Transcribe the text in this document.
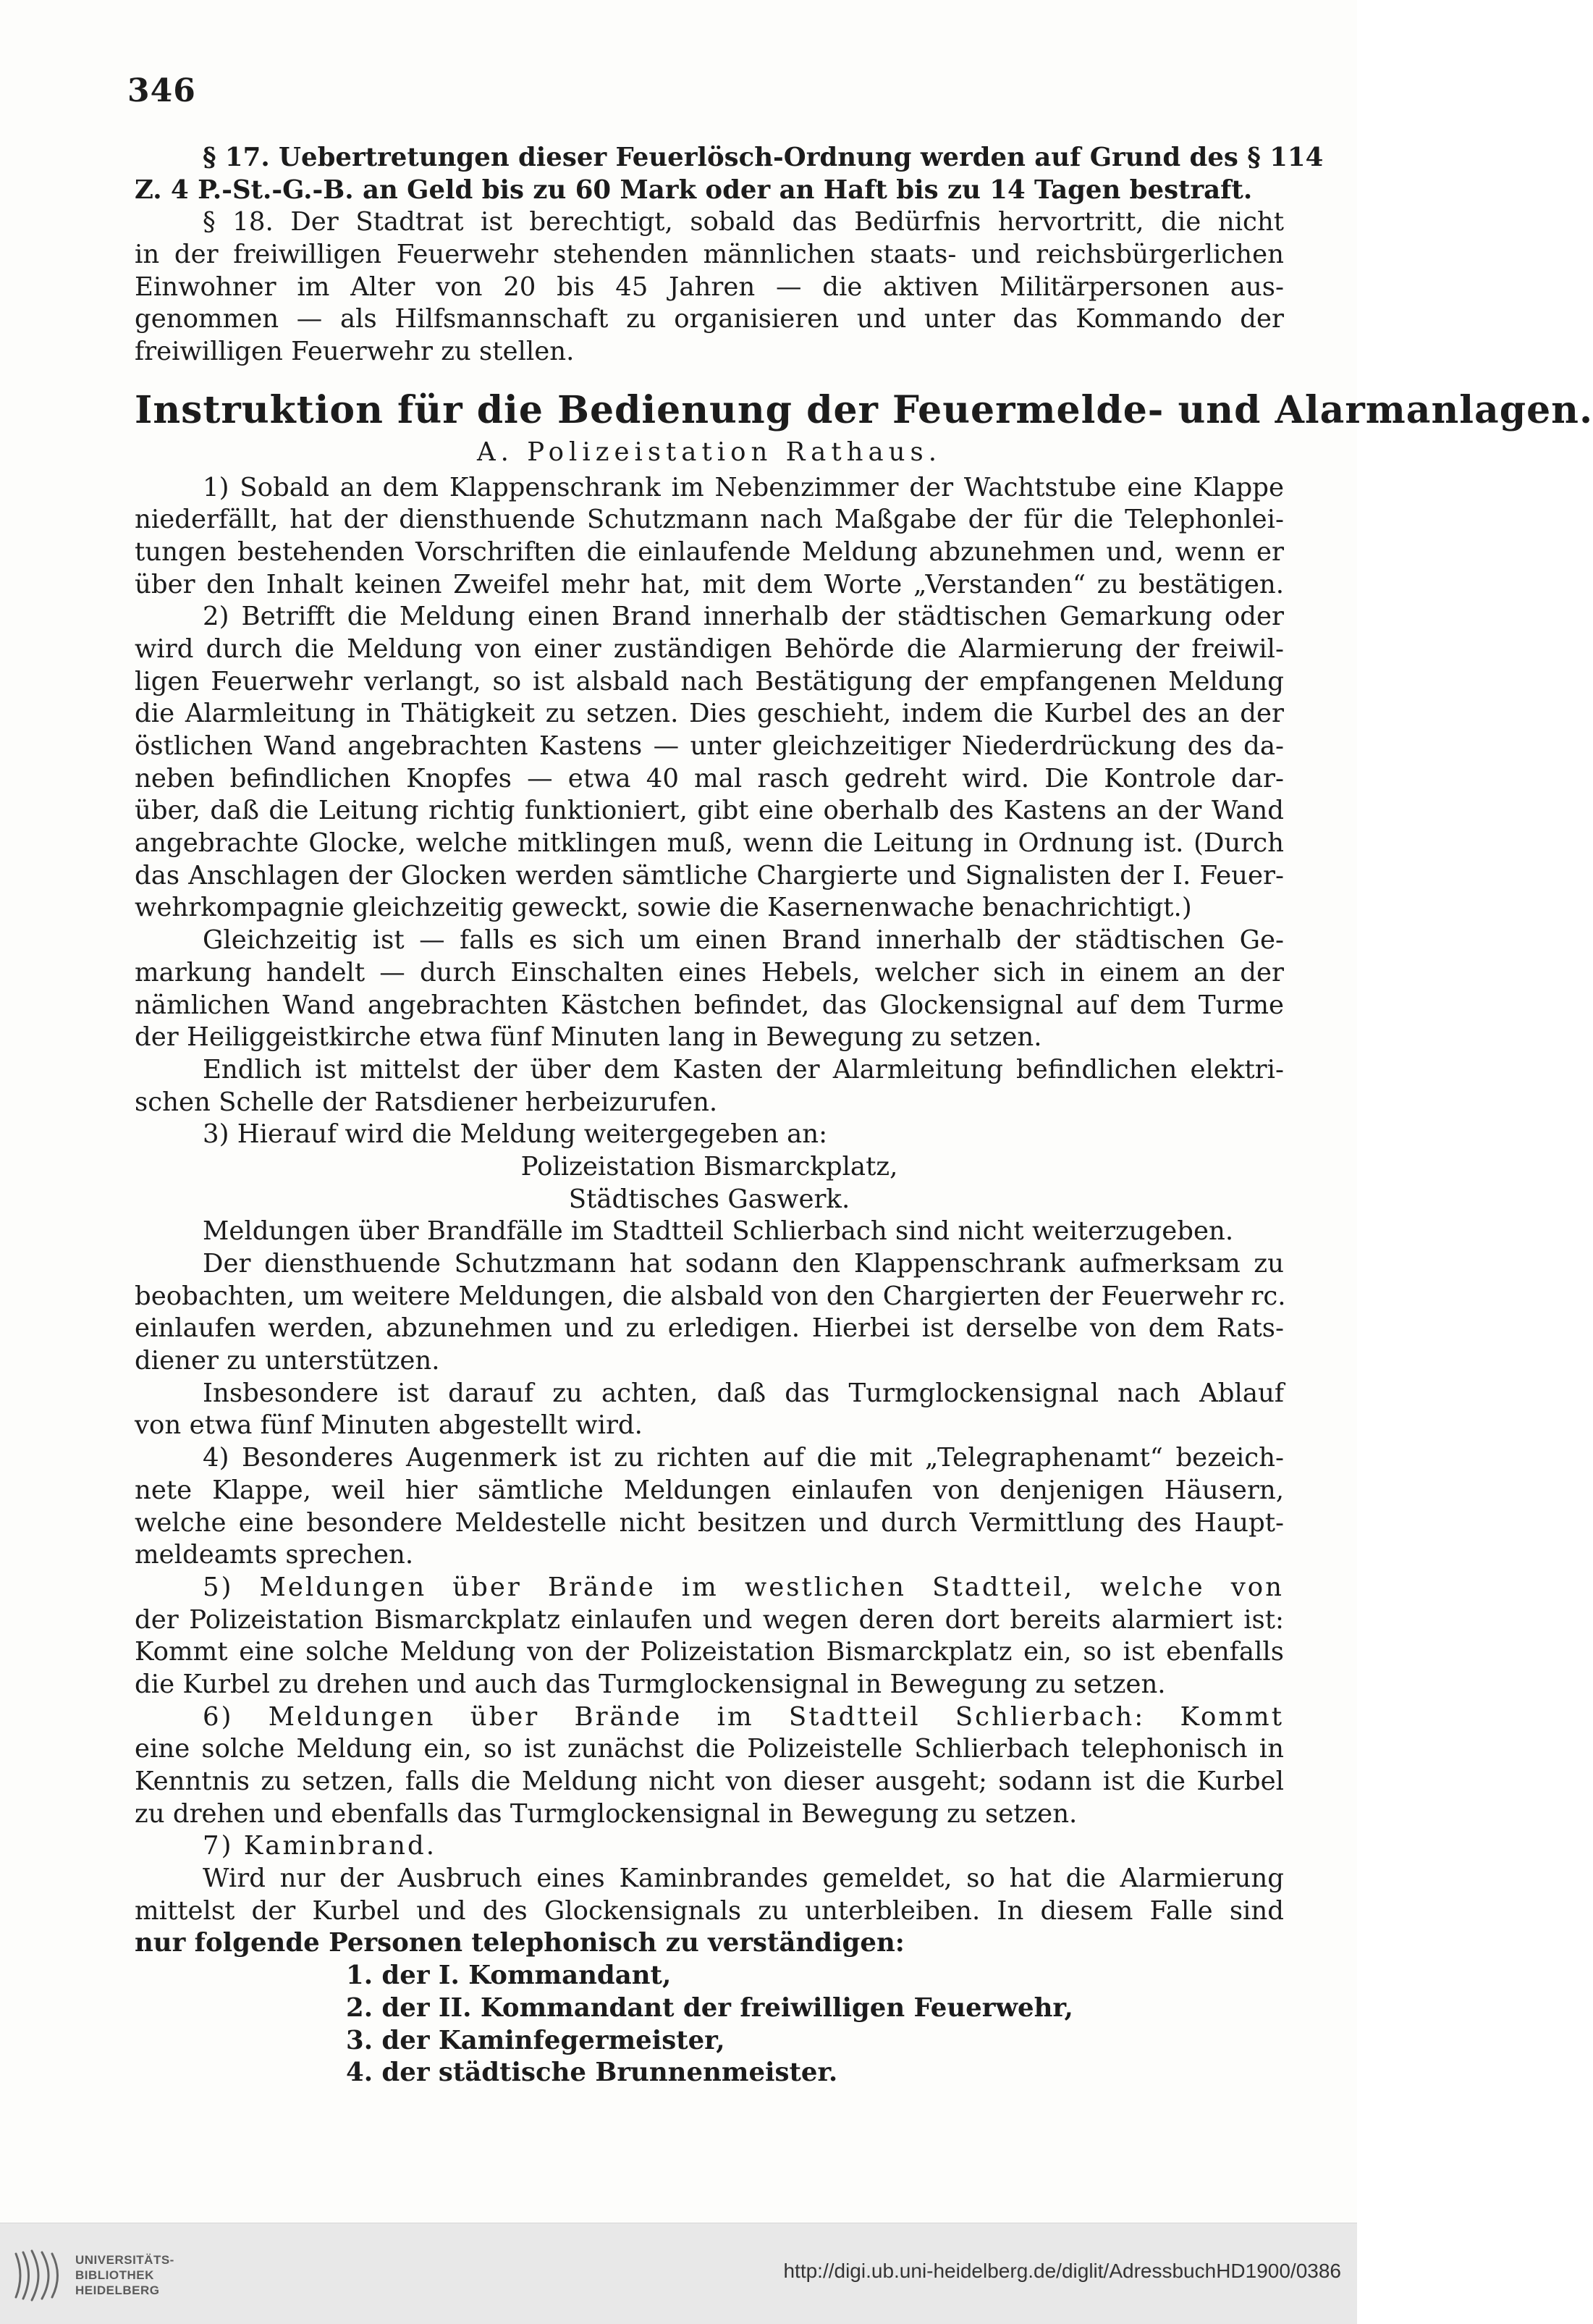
346
§ 17. Uebertretungen dieser Feuerlösch-Ordnung werden auf Grund des § 114
Z. 4 P.-St.-G.-B. an Geld bis zu 60 Mark oder an Haft bis zu 14 Tagen bestraft.
§ 18. Der Stadtrat ist berechtigt, sobald das Bedürfnis hervortritt, die nicht
in der freiwilligen Feuerwehr stehenden männlichen staats- und reichsbürgerlichen
Einwohner im Alter von 20 bis 45 Jahren — die aktiven Militärpersonen aus-
genommen — als Hilfsmannschaft zu organisieren und unter das Kommando der
freiwilligen Feuerwehr zu stellen.
Instruktion für die Bedienung der Feuermelde- und Alarmanlagen.
A. Polizeistation Rathaus.
1) Sobald an dem Klappenschrank im Nebenzimmer der Wachtstube eine Klappe
niederfällt, hat der diensthuende Schutzmann nach Maßgabe der für die Telephonlei-
tungen bestehenden Vorschriften die einlaufende Meldung abzunehmen und, wenn er
über den Inhalt keinen Zweifel mehr hat, mit dem Worte „Verstanden“ zu bestätigen.
2) Betrifft die Meldung einen Brand innerhalb der städtischen Gemarkung oder
wird durch die Meldung von einer zuständigen Behörde die Alarmierung der freiwil-
ligen Feuerwehr verlangt, so ist alsbald nach Bestätigung der empfangenen Meldung
die Alarmleitung in Thätigkeit zu setzen. Dies geschieht, indem die Kurbel des an der
östlichen Wand angebrachten Kastens — unter gleichzeitiger Niederdrückung des da-
neben befindlichen Knopfes — etwa 40 mal rasch gedreht wird. Die Kontrole dar-
über, daß die Leitung richtig funktioniert, gibt eine oberhalb des Kastens an der Wand
angebrachte Glocke, welche mitklingen muß, wenn die Leitung in Ordnung ist. (Durch
das Anschlagen der Glocken werden sämtliche Chargierte und Signalisten der I. Feuer-
wehrkompagnie gleichzeitig geweckt, sowie die Kasernenwache benachrichtigt.)
Gleichzeitig ist — falls es sich um einen Brand innerhalb der städtischen Ge-
markung handelt — durch Einschalten eines Hebels, welcher sich in einem an der
nämlichen Wand angebrachten Kästchen befindet, das Glockensignal auf dem Turme
der Heiliggeistkirche etwa fünf Minuten lang in Bewegung zu setzen.
Endlich ist mittelst der über dem Kasten der Alarmleitung befindlichen elektri-
schen Schelle der Ratsdiener herbeizurufen.
3) Hierauf wird die Meldung weitergegeben an:
Polizeistation Bismarckplatz,
Städtisches Gaswerk.
Meldungen über Brandfälle im Stadtteil Schlierbach sind nicht weiterzugeben.
Der diensthuende Schutzmann hat sodann den Klappenschrank aufmerksam zu
beobachten, um weitere Meldungen, die alsbald von den Chargierten der Feuerwehr rc.
einlaufen werden, abzunehmen und zu erledigen. Hierbei ist derselbe von dem Rats-
diener zu unterstützen.
Insbesondere ist darauf zu achten, daß das Turmglockensignal nach Ablauf
von etwa fünf Minuten abgestellt wird.
4) Besonderes Augenmerk ist zu richten auf die mit „Telegraphenamt“ bezeich-
nete Klappe, weil hier sämtliche Meldungen einlaufen von denjenigen Häusern,
welche eine besondere Meldestelle nicht besitzen und durch Vermittlung des Haupt-
meldeamts sprechen.
5) Meldungen über Brände im westlichen Stadtteil, welche von
der Polizeistation Bismarckplatz einlaufen und wegen deren dort bereits alarmiert ist:
Kommt eine solche Meldung von der Polizeistation Bismarckplatz ein, so ist ebenfalls
die Kurbel zu drehen und auch das Turmglockensignal in Bewegung zu setzen.
6) Meldungen über Brände im Stadtteil Schlierbach: Kommt
eine solche Meldung ein, so ist zunächst die Polizeistelle Schlierbach telephonisch in
Kenntnis zu setzen, falls die Meldung nicht von dieser ausgeht; sodann ist die Kurbel
zu drehen und ebenfalls das Turmglockensignal in Bewegung zu setzen.
7) Kaminbrand.
Wird nur der Ausbruch eines Kaminbrandes gemeldet, so hat die Alarmierung
mittelst der Kurbel und des Glockensignals zu unterbleiben. In diesem Falle sind
nur folgende Personen telephonisch zu verständigen:
1. der I. Kommandant,
2. der II. Kommandant der freiwilligen Feuerwehr,
3. der Kaminfegermeister,
4. der städtische Brunnenmeister.
UNIVERSITÄTS-
BIBLIOTHEK
HEIDELBERG
http://digi.ub.uni-heidelberg.de/diglit/AdressbuchHD1900/0386
